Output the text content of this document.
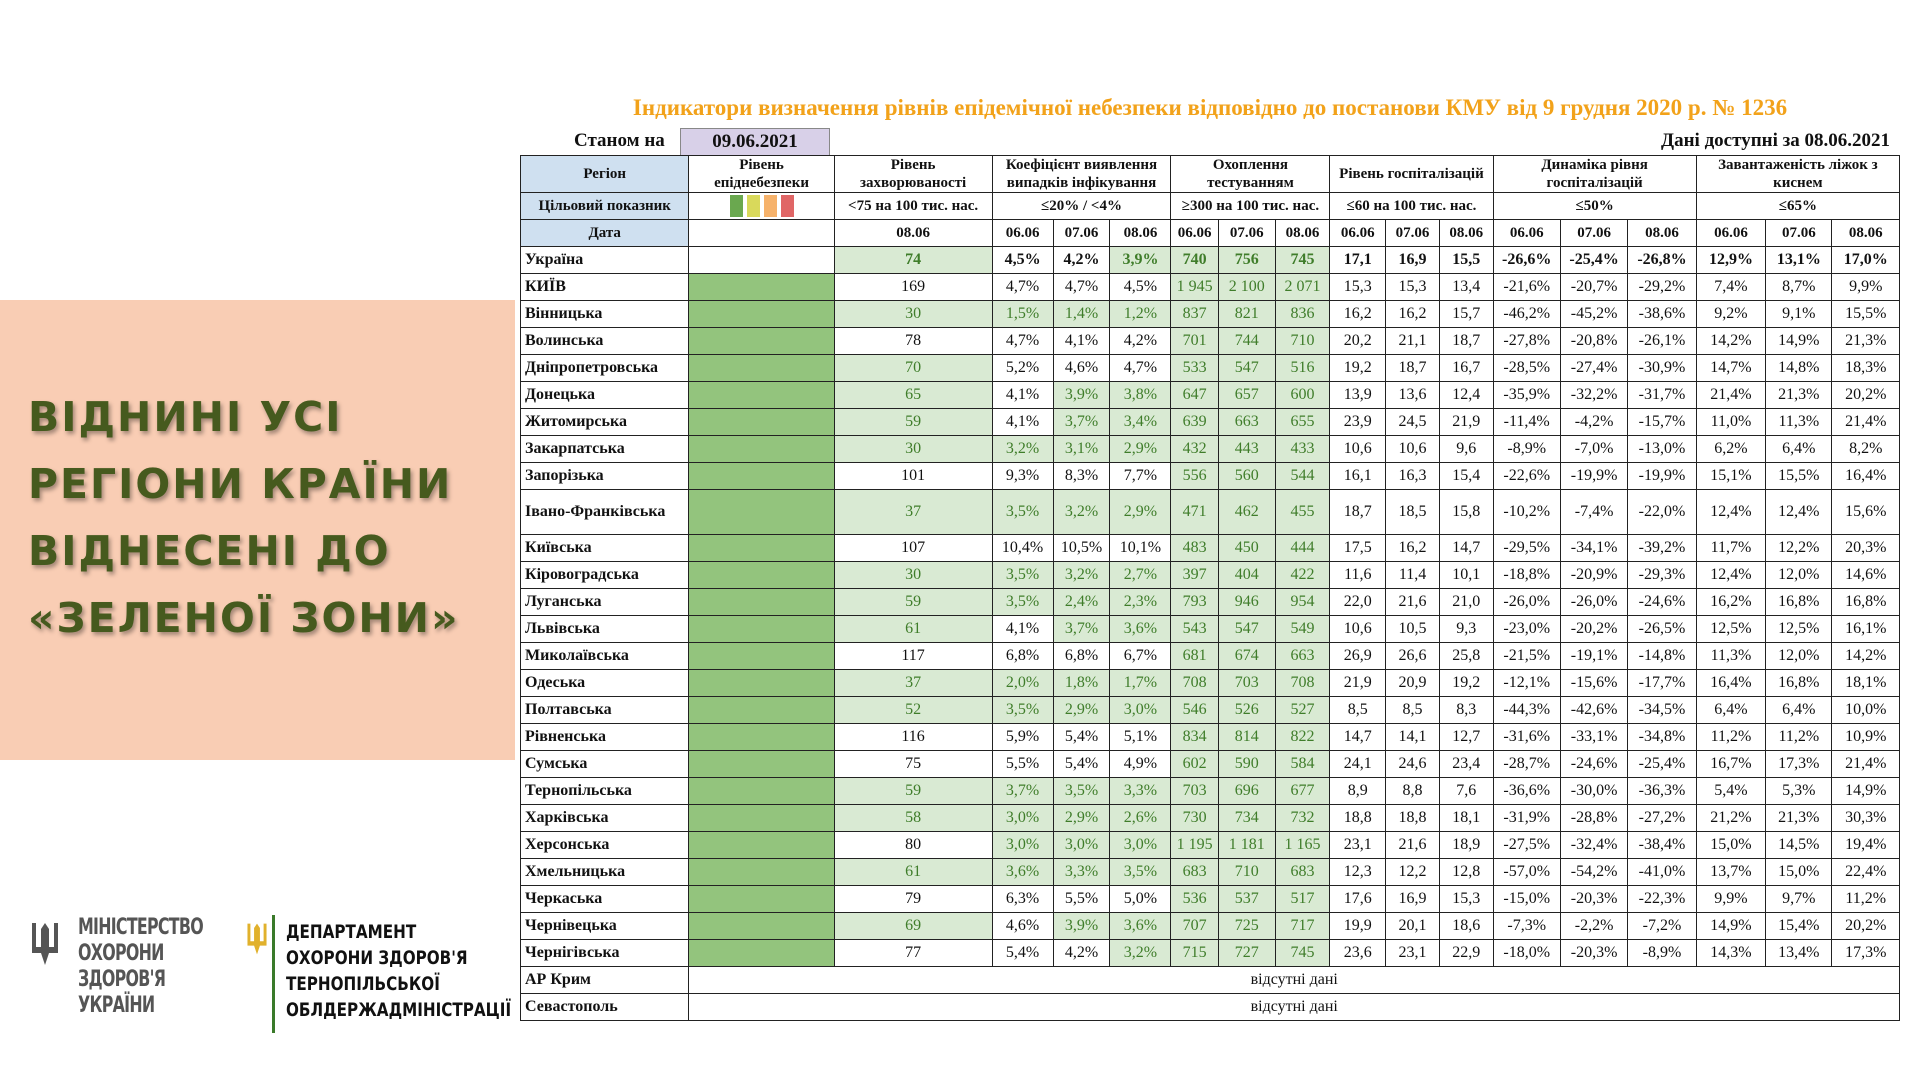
ВІДНИНІ УСІ
РЕГІОНИ КРАЇНИ
ВІДНЕСЕНІ ДО
«ЗЕЛЕНОЇ ЗОНИ»
МІНІСТЕРСТВО
ОХОРОНИ
ЗДОРОВ'Я
УКРАЇНИ
ДЕПАРТАМЕНТ
ОХОРОНИ ЗДОРОВ'Я
ТЕРНОПІЛЬСЬКОЇ
ОБЛДЕРЖАДМІНІСТРАЦІЇ
Індикатори визначення рівнів епідемічної небезпеки відповідно до постанови КМУ від 9 грудня 2020 р. № 1236
Станом на	09.06.2021	Дані доступні за 08.06.2021
Регіон	Рівень епіднебезпеки	Рівень захворюваності	Коефіцієнт виявлення випадків інфікування			Охоплення тестуванням			Рівень госпіталізацій			Динаміка рівня госпіталізацій			Завантаженість ліжок з киснем		
Цільовий показник		<75 на 100 тис. нас.	≤20% / <4%			≥300 на 100 тис. нас.			≤60 на 100 тис. нас.			≤50%			≤65%		
Дата		08.06	06.06	07.06	08.06	06.06	07.06	08.06	06.06	07.06	08.06	06.06	07.06	08.06	06.06	07.06	08.06
Україна		74	4,5%	4,2%	3,9%	740	756	745	17,1	16,9	15,5	-26,6%	-25,4%	-26,8%	12,9%	13,1%	17,0%
КИЇВ		169	4,7%	4,7%	4,5%	1 945	2 100	2 071	15,3	15,3	13,4	-21,6%	-20,7%	-29,2%	7,4%	8,7%	9,9%
Вінницька		30	1,5%	1,4%	1,2%	837	821	836	16,2	16,2	15,7	-46,2%	-45,2%	-38,6%	9,2%	9,1%	15,5%
Волинська		78	4,7%	4,1%	4,2%	701	744	710	20,2	21,1	18,7	-27,8%	-20,8%	-26,1%	14,2%	14,9%	21,3%
Дніпропетровська		70	5,2%	4,6%	4,7%	533	547	516	19,2	18,7	16,7	-28,5%	-27,4%	-30,9%	14,7%	14,8%	18,3%
Донецька		65	4,1%	3,9%	3,8%	647	657	600	13,9	13,6	12,4	-35,9%	-32,2%	-31,7%	21,4%	21,3%	20,2%
Житомирська		59	4,1%	3,7%	3,4%	639	663	655	23,9	24,5	21,9	-11,4%	-4,2%	-15,7%	11,0%	11,3%	21,4%
Закарпатська		30	3,2%	3,1%	2,9%	432	443	433	10,6	10,6	9,6	-8,9%	-7,0%	-13,0%	6,2%	6,4%	8,2%
Запорізька		101	9,3%	8,3%	7,7%	556	560	544	16,1	16,3	15,4	-22,6%	-19,9%	-19,9%	15,1%	15,5%	16,4%
Івано-Франківська		37	3,5%	3,2%	2,9%	471	462	455	18,7	18,5	15,8	-10,2%	-7,4%	-22,0%	12,4%	12,4%	15,6%
Київська		107	10,4%	10,5%	10,1%	483	450	444	17,5	16,2	14,7	-29,5%	-34,1%	-39,2%	11,7%	12,2%	20,3%
Кіровоградська		30	3,5%	3,2%	2,7%	397	404	422	11,6	11,4	10,1	-18,8%	-20,9%	-29,3%	12,4%	12,0%	14,6%
Луганська		59	3,5%	2,4%	2,3%	793	946	954	22,0	21,6	21,0	-26,0%	-26,0%	-24,6%	16,2%	16,8%	16,8%
Львівська		61	4,1%	3,7%	3,6%	543	547	549	10,6	10,5	9,3	-23,0%	-20,2%	-26,5%	12,5%	12,5%	16,1%
Миколаївська		117	6,8%	6,8%	6,7%	681	674	663	26,9	26,6	25,8	-21,5%	-19,1%	-14,8%	11,3%	12,0%	14,2%
Одеська		37	2,0%	1,8%	1,7%	708	703	708	21,9	20,9	19,2	-12,1%	-15,6%	-17,7%	16,4%	16,8%	18,1%
Полтавська		52	3,5%	2,9%	3,0%	546	526	527	8,5	8,5	8,3	-44,3%	-42,6%	-34,5%	6,4%	6,4%	10,0%
Рівненська		116	5,9%	5,4%	5,1%	834	814	822	14,7	14,1	12,7	-31,6%	-33,1%	-34,8%	11,2%	11,2%	10,9%
Сумська		75	5,5%	5,4%	4,9%	602	590	584	24,1	24,6	23,4	-28,7%	-24,6%	-25,4%	16,7%	17,3%	21,4%
Тернопільська		59	3,7%	3,5%	3,3%	703	696	677	8,9	8,8	7,6	-36,6%	-30,0%	-36,3%	5,4%	5,3%	14,9%
Харківська		58	3,0%	2,9%	2,6%	730	734	732	18,8	18,8	18,1	-31,9%	-28,8%	-27,2%	21,2%	21,3%	30,3%
Херсонська		80	3,0%	3,0%	3,0%	1 195	1 181	1 165	23,1	21,6	18,9	-27,5%	-32,4%	-38,4%	15,0%	14,5%	19,4%
Хмельницька		61	3,6%	3,3%	3,5%	683	710	683	12,3	12,2	12,8	-57,0%	-54,2%	-41,0%	13,7%	15,0%	22,4%
Черкаська		79	6,3%	5,5%	5,0%	536	537	517	17,6	16,9	15,3	-15,0%	-20,3%	-22,3%	9,9%	9,7%	11,2%
Чернівецька		69	4,6%	3,9%	3,6%	707	725	717	19,9	20,1	18,6	-7,3%	-2,2%	-7,2%	14,9%	15,4%	20,2%
Чернігівська		77	5,4%	4,2%	3,2%	715	727	745	23,6	23,1	22,9	-18,0%	-20,3%	-8,9%	14,3%	13,4%	17,3%
АР Крим	відсутні дані																
Севастополь	відсутні дані																
